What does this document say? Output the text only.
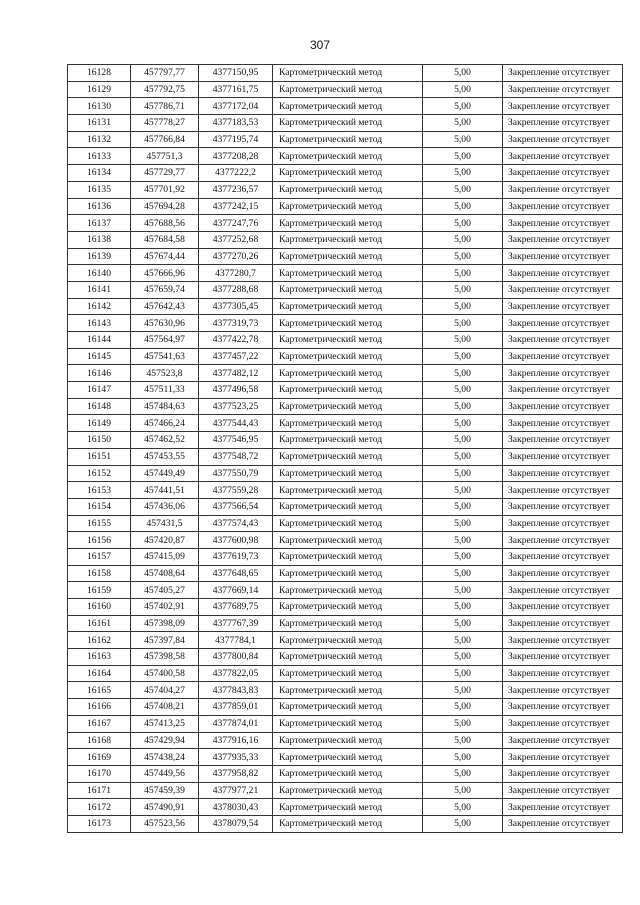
307
16128	457797,77	4377150,95	Картометрический метод	5,00	Закрепление отсутствует
16129	457792,75	4377161,75	Картометрический метод	5,00	Закрепление отсутствует
16130	457786,71	4377172,04	Картометрический метод	5,00	Закрепление отсутствует
16131	457778,27	4377183,53	Картометрический метод	5,00	Закрепление отсутствует
16132	457766,84	4377195,74	Картометрический метод	5,00	Закрепление отсутствует
16133	457751,3	4377208,28	Картометрический метод	5,00	Закрепление отсутствует
16134	457729,77	4377222,2	Картометрический метод	5,00	Закрепление отсутствует
16135	457701,92	4377236,57	Картометрический метод	5,00	Закрепление отсутствует
16136	457694,28	4377242,15	Картометрический метод	5,00	Закрепление отсутствует
16137	457688,56	4377247,76	Картометрический метод	5,00	Закрепление отсутствует
16138	457684,58	4377252,68	Картометрический метод	5,00	Закрепление отсутствует
16139	457674,44	4377270,26	Картометрический метод	5,00	Закрепление отсутствует
16140	457666,96	4377280,7	Картометрический метод	5,00	Закрепление отсутствует
16141	457659,74	4377288,68	Картометрический метод	5,00	Закрепление отсутствует
16142	457642,43	4377305,45	Картометрический метод	5,00	Закрепление отсутствует
16143	457630,96	4377319,73	Картометрический метод	5,00	Закрепление отсутствует
16144	457564,97	4377422,78	Картометрический метод	5,00	Закрепление отсутствует
16145	457541,63	4377457,22	Картометрический метод	5,00	Закрепление отсутствует
16146	457523,8	4377482,12	Картометрический метод	5,00	Закрепление отсутствует
16147	457511,33	4377496,58	Картометрический метод	5,00	Закрепление отсутствует
16148	457484,63	4377523,25	Картометрический метод	5,00	Закрепление отсутствует
16149	457466,24	4377544,43	Картометрический метод	5,00	Закрепление отсутствует
16150	457462,52	4377546,95	Картометрический метод	5,00	Закрепление отсутствует
16151	457453,55	4377548,72	Картометрический метод	5,00	Закрепление отсутствует
16152	457449,49	4377550,79	Картометрический метод	5,00	Закрепление отсутствует
16153	457441,51	4377559,28	Картометрический метод	5,00	Закрепление отсутствует
16154	457436,06	4377566,54	Картометрический метод	5,00	Закрепление отсутствует
16155	457431,5	4377574,43	Картометрический метод	5,00	Закрепление отсутствует
16156	457420,87	4377600,98	Картометрический метод	5,00	Закрепление отсутствует
16157	457415,09	4377619,73	Картометрический метод	5,00	Закрепление отсутствует
16158	457408,64	4377648,65	Картометрический метод	5,00	Закрепление отсутствует
16159	457405,27	4377669,14	Картометрический метод	5,00	Закрепление отсутствует
16160	457402,91	4377689,75	Картометрический метод	5,00	Закрепление отсутствует
16161	457398,09	4377767,39	Картометрический метод	5,00	Закрепление отсутствует
16162	457397,84	4377784,1	Картометрический метод	5,00	Закрепление отсутствует
16163	457398,58	4377800,84	Картометрический метод	5,00	Закрепление отсутствует
16164	457400,58	4377822,05	Картометрический метод	5,00	Закрепление отсутствует
16165	457404,27	4377843,83	Картометрический метод	5,00	Закрепление отсутствует
16166	457408,21	4377859,01	Картометрический метод	5,00	Закрепление отсутствует
16167	457413,25	4377874,01	Картометрический метод	5,00	Закрепление отсутствует
16168	457429,94	4377916,16	Картометрический метод	5,00	Закрепление отсутствует
16169	457438,24	4377935,33	Картометрический метод	5,00	Закрепление отсутствует
16170	457449,56	4377958,82	Картометрический метод	5,00	Закрепление отсутствует
16171	457459,39	4377977,21	Картометрический метод	5,00	Закрепление отсутствует
16172	457490,91	4378030,43	Картометрический метод	5,00	Закрепление отсутствует
16173	457523,56	4378079,54	Картометрический метод	5,00	Закрепление отсутствует
